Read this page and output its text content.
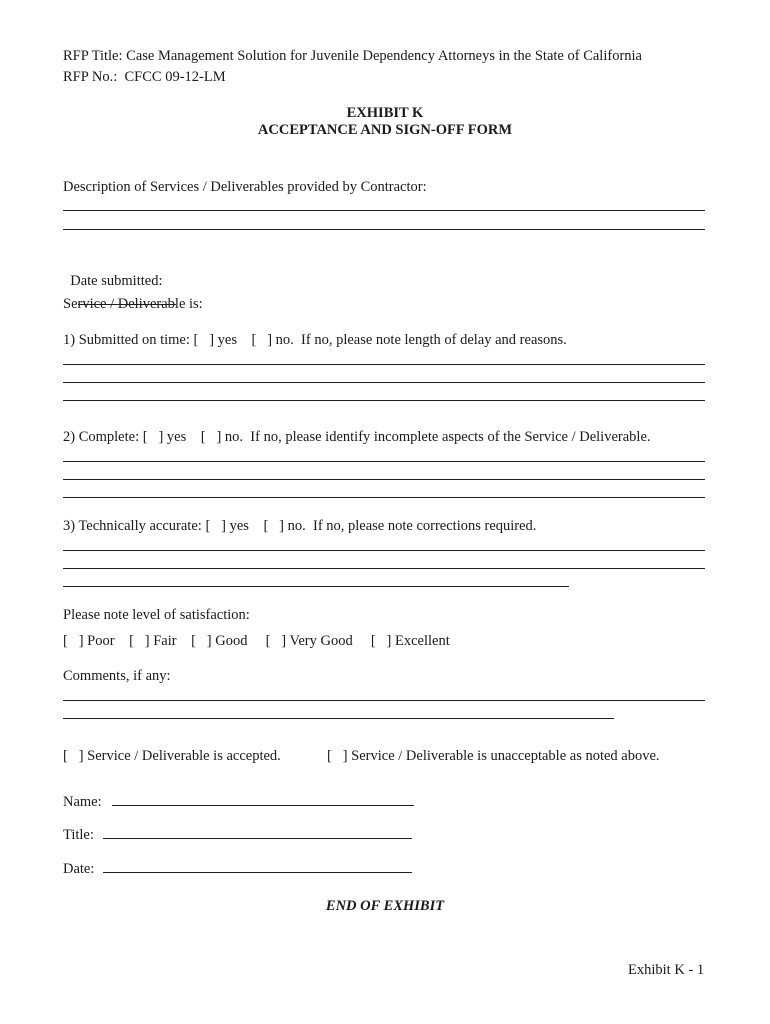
RFP Title: Case Management Solution for Juvenile Dependency Attorneys in the State of California
RFP No.:  CFCC 09-12-LM
EXHIBIT K
ACCEPTANCE AND SIGN-OFF FORM
Description of Services / Deliverables provided by Contractor:

Date submitted:

Service / Deliverable is:
1) Submitted on time: [   ] yes [   ] no. If no, please note length of delay and reasons.
2) Complete: [   ] yes [   ] no. If no, please identify incomplete aspects of the Service / Deliverable.
3) Technically accurate: [   ] yes [   ] no. If no, please note corrections required.
Please note level of satisfaction:
[   ] Poor [   ] Fair [   ] Good [   ] Very Good [   ] Excellent
Comments, if any:
[   ] Service / Deliverable is accepted.	[   ] Service / Deliverable is unacceptable as noted above.
Name:
Title:
Date:
END OF EXHIBIT
Exhibit K - 1
